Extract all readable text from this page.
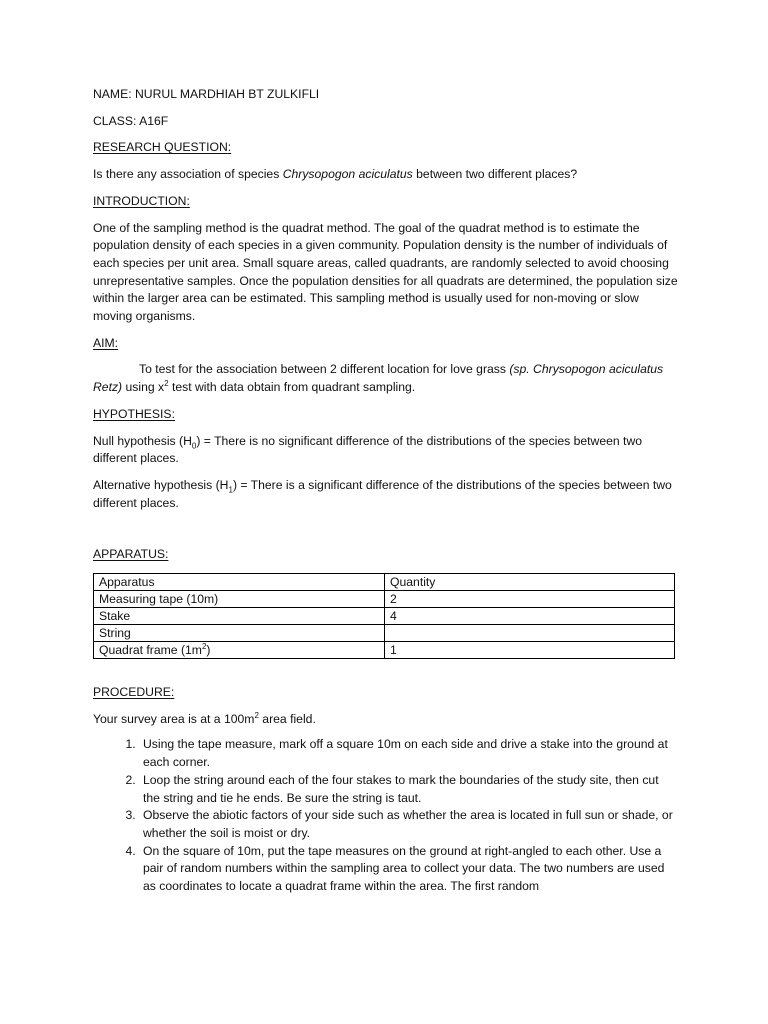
NAME: NURUL MARDHIAH BT ZULKIFLI

CLASS: A16F

RESEARCH QUESTION:

Is there any association of species Chrysopogon aciculatus between two different places?

INTRODUCTION:

One of the sampling method is the quadrat method. The goal of the quadrat method is to estimate the population density of each species in a given community. Population density is the number of individuals of each species per unit area. Small square areas, called quadrants, are randomly selected to avoid choosing unrepresentative samples. Once the population densities for all quadrats are determined, the population size within the larger area can be estimated. This sampling method is usually used for non-moving or slow moving organisms.

AIM:

To test for the association between 2 different location for love grass (sp. Chrysopogon aciculatus Retz) using $x^2$ test with data obtain from quadrant sampling.

HYPOTHESIS:

Null hypothesis $(H_0)$ = There is no significant difference of the distributions of the species between two different places.

Alternative hypothesis $(H_1)$ = There is a significant difference of the distributions of the species between two different places.

APPARATUS:

Apparatus	Quantity
Measuring tape (10m)	2
Stake	4
String	
Quadrat frame $(1m^2)$	1

PROCEDURE:

Your survey area is at a $100m^2$ area field.

1. Using the tape measure, mark off a square 10m on each side and drive a stake into the ground at each corner.
2. Loop the string around each of the four stakes to mark the boundaries of the study site, then cut the string and tie he ends. Be sure the string is taut.
3. Observe the abiotic factors of your side such as whether the area is located in full sun or shade, or whether the soil is moist or dry.
4. On the square of 10m, put the tape measures on the ground at right-angled to each other. Use a pair of random numbers within the sampling area to collect your data. The two numbers are used as coordinates to locate a quadrat frame within the area. The first random
